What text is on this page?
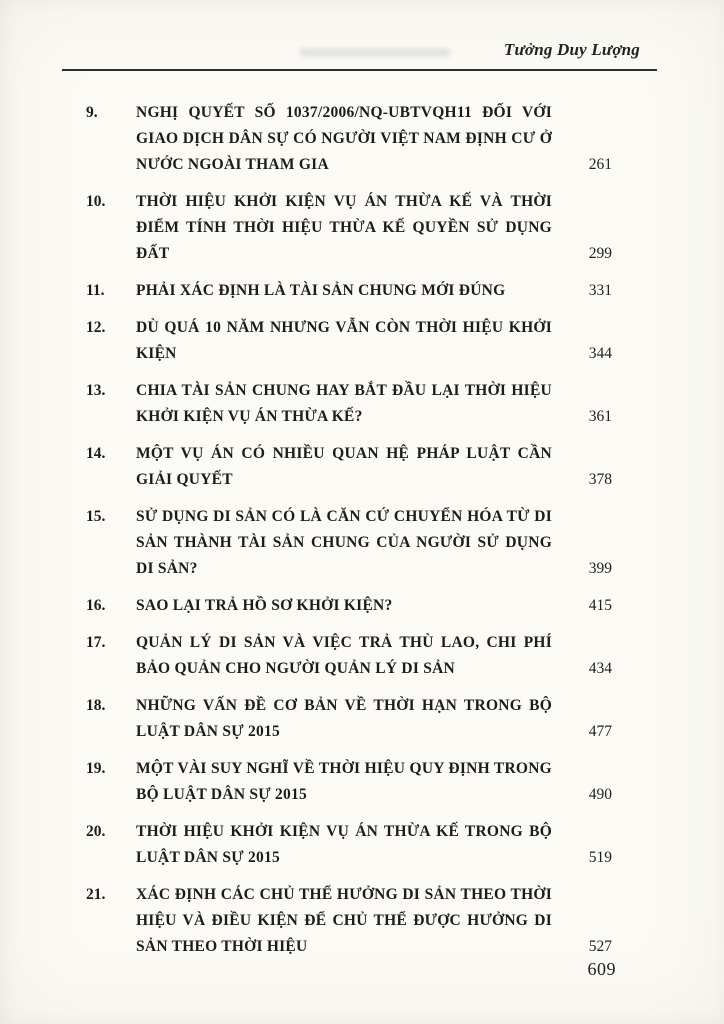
Tưởng Duy Lượng
9.	NGHỊ QUYẾT SỐ 1037/2006/NQ-UBTVQH11 ĐỐI VỚI GIAO DỊCH DÂN SỰ CÓ NGƯỜI VIỆT NAM ĐỊNH CƯ Ở NƯỚC NGOÀI THAM GIA	261
10.	THỜI HIỆU KHỞI KIỆN VỤ ÁN THỪA KẾ VÀ THỜI ĐIỂM TÍNH THỜI HIỆU THỪA KẾ QUYỀN SỬ DỤNG ĐẤT	299
11.	PHẢI XÁC ĐỊNH LÀ TÀI SẢN CHUNG MỚI ĐÚNG	331
12.	DÙ QUÁ 10 NĂM NHƯNG VẪN CÒN THỜI HIỆU KHỞI KIỆN	344
13.	CHIA TÀI SẢN CHUNG HAY BẮT ĐẦU LẠI THỜI HIỆU KHỞI KIỆN VỤ ÁN THỪA KẾ?	361
14.	MỘT VỤ ÁN CÓ NHIỀU QUAN HỆ PHÁP LUẬT CẦN GIẢI QUYẾT	378
15.	SỬ DỤNG DI SẢN CÓ LÀ CĂN CỨ CHUYỂN HÓA TỪ DI SẢN THÀNH TÀI SẢN CHUNG CỦA NGƯỜI SỬ DỤNG DI SẢN?	399
16.	SAO LẠI TRẢ HỒ SƠ KHỞI KIỆN?	415
17.	QUẢN LÝ DI SẢN VÀ VIỆC TRẢ THÙ LAO, CHI PHÍ BẢO QUẢN CHO NGƯỜI QUẢN LÝ DI SẢN	434
18.	NHỮNG VẤN ĐỀ CƠ BẢN VỀ THỜI HẠN TRONG BỘ LUẬT DÂN SỰ 2015	477
19.	MỘT VÀI SUY NGHĨ VỀ THỜI HIỆU QUY ĐỊNH TRONG BỘ LUẬT DÂN SỰ 2015	490
20.	THỜI HIỆU KHỞI KIỆN VỤ ÁN THỪA KẾ TRONG BỘ LUẬT DÂN SỰ 2015	519
21.	XÁC ĐỊNH CÁC CHỦ THỂ HƯỞNG DI SẢN THEO THỜI HIỆU VÀ ĐIỀU KIỆN ĐỂ CHỦ THỂ ĐƯỢC HƯỞNG DI SẢN THEO THỜI HIỆU	527
609
